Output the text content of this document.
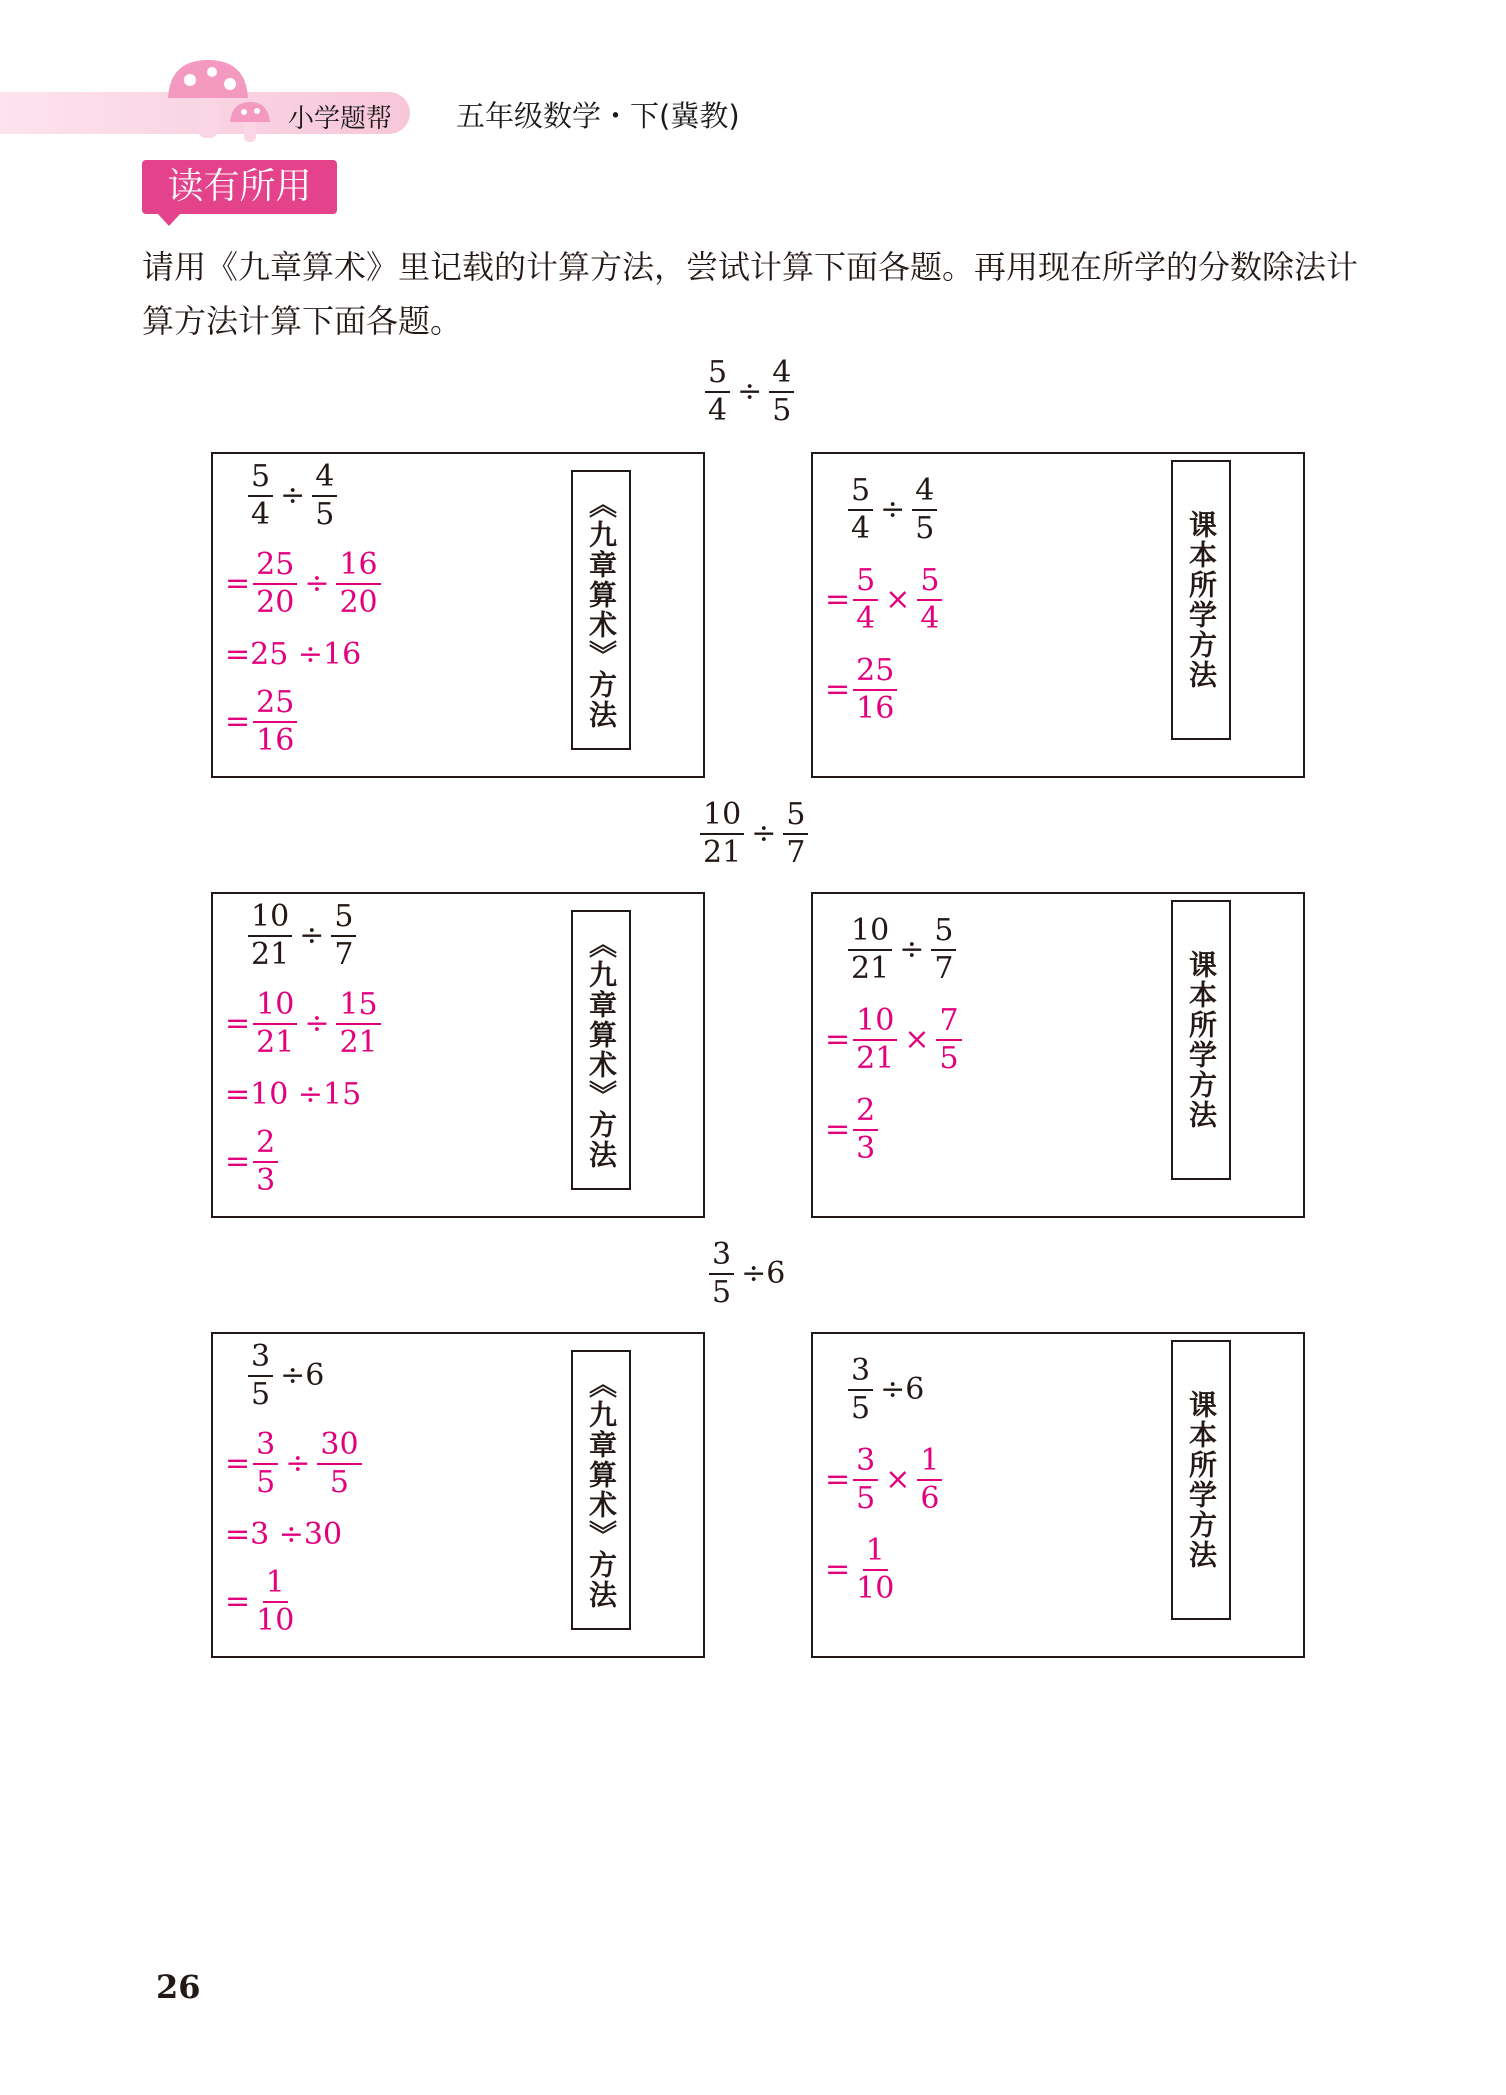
小学题帮 五年级数学・下(冀教)
读有所用
请用《九章算术》里记载的计算方法，尝试计算下面各题。再用现在所学的分数除法计算方法计算下面各题。
$\frac{5}{4} \div \frac{4}{5}$
$\frac{5}{4} \div \frac{4}{5}$
= $\frac{25}{20} \div \frac{16}{20}$
=25 ÷16
= $\frac{25}{16}$	《九章算术》方法	$\frac{5}{4} \div \frac{4}{5}$
= $\frac{5}{4} \times \frac{5}{4}$
= $\frac{25}{16}$	课本所学方法
$\frac{10}{21} \div \frac{5}{7}$
$\frac{10}{21} \div \frac{5}{7}$
= $\frac{10}{21} \div \frac{15}{21}$
=10 ÷15
= $\frac{2}{3}$	《九章算术》方法	$\frac{10}{21} \div \frac{5}{7}$
= $\frac{10}{21} \times \frac{7}{5}$
= $\frac{2}{3}$	课本所学方法
$\frac{3}{5} \div 6$
$\frac{3}{5} \div 6$
= $\frac{3}{5} \div \frac{30}{5}$
=3 ÷30
= $\frac{1}{10}$	《九章算术》方法	$\frac{3}{5} \div 6$
= $\frac{3}{5} \times \frac{1}{6}$
= $\frac{1}{10}$	课本所学方法
26
